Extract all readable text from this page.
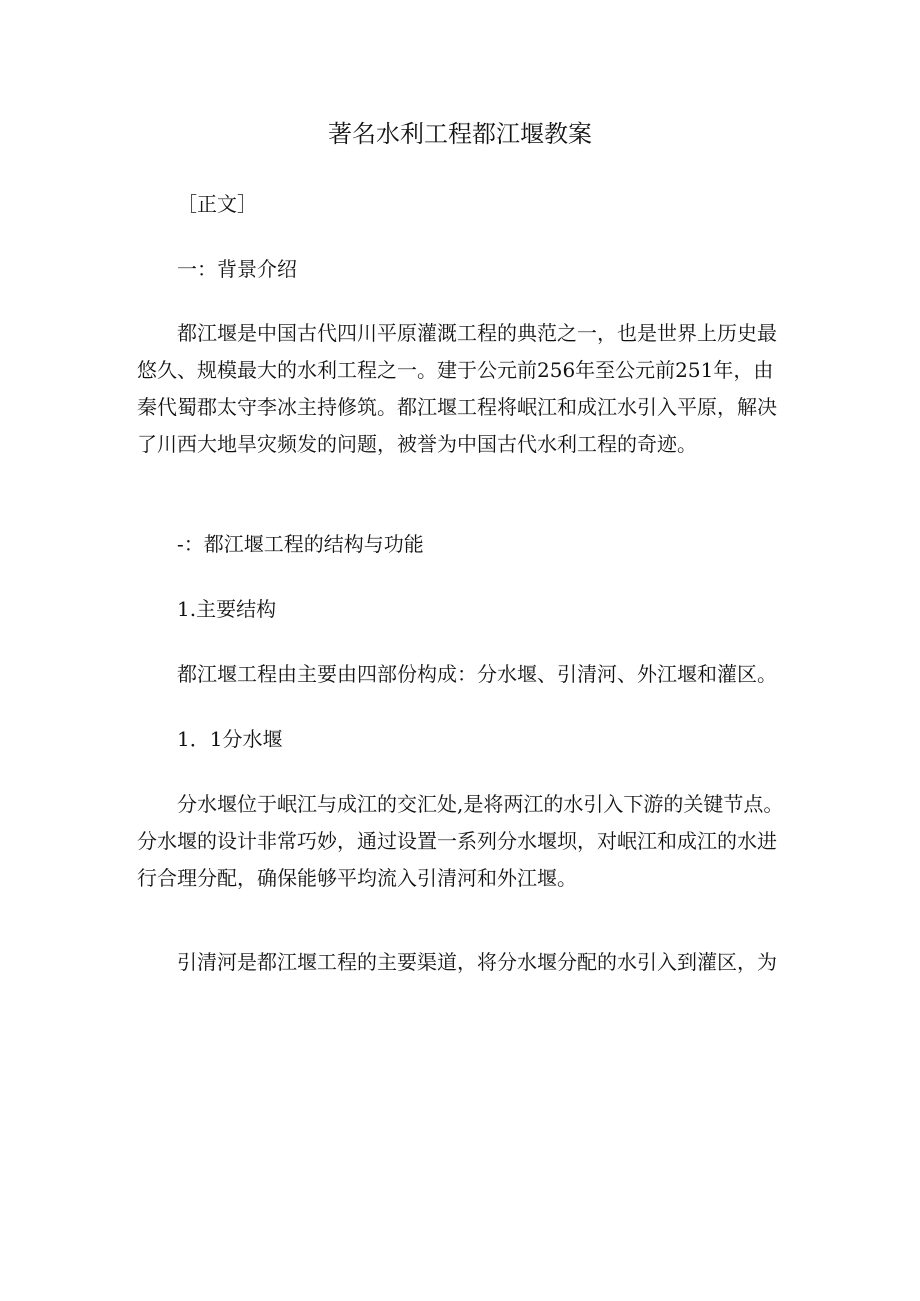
著名水利工程都江堰教案
［正文］
一：背景介绍
都江堰是中国古代四川平原灌溉工程的典范之一，也是世界上历史最
悠久、规模最大的水利工程之一。建于公元前256年至公元前251年，由
秦代蜀郡太守李冰主持修筑。都江堰工程将岷江和成江水引入平原，解决
了川西大地旱灾频发的问题，被誉为中国古代水利工程的奇迹。
-：都江堰工程的结构与功能
1.主要结构
都江堰工程由主要由四部份构成：分水堰、引清河、外江堰和灌区。
1．1分水堰
分水堰位于岷江与成江的交汇处,是将两江的水引入下游的关键节点。
分水堰的设计非常巧妙，通过设置一系列分水堰坝，对岷江和成江的水进
行合理分配，确保能够平均流入引清河和外江堰。
引清河是都江堰工程的主要渠道，将分水堰分配的水引入到灌区，为
